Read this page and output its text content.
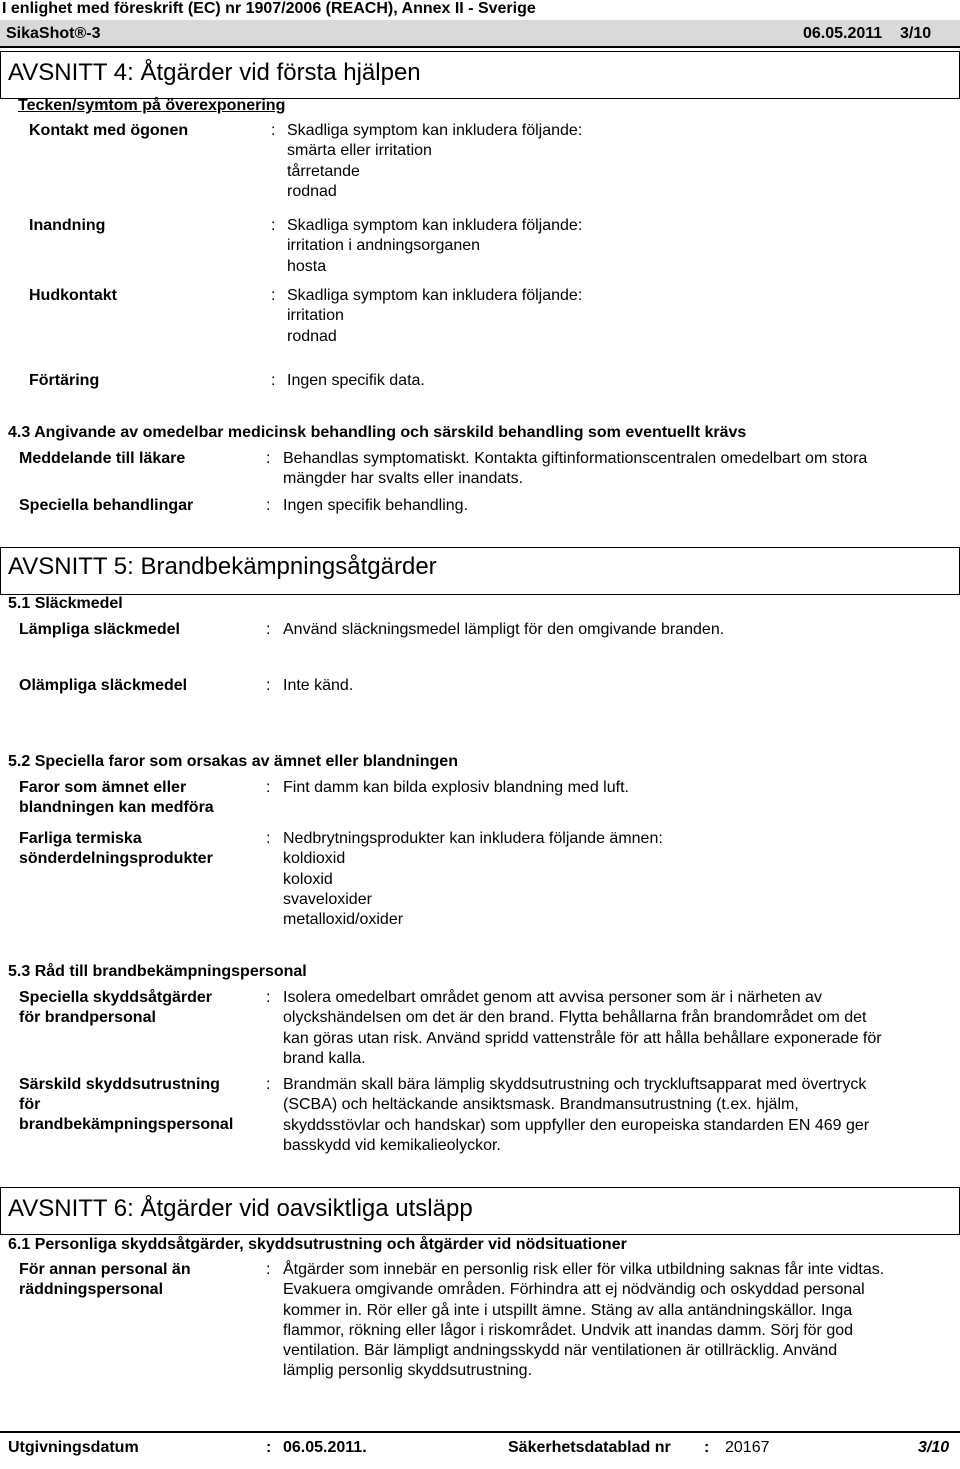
I enlighet med föreskrift (EC) nr 1907/2006 (REACH), Annex II - Sverige
SikaShot®-3	06.05.2011 3/10
AVSNITT 4: Åtgärder vid första hjälpen
Tecken/symtom på överexponering
Kontakt med ögonen	: Skadliga symptom kan inkludera följande:
smärta eller irritation
tårretande
rodnad
Inandning	: Skadliga symptom kan inkludera följande:
irritation i andningsorganen
hosta
Hudkontakt	: Skadliga symptom kan inkludera följande:
irritation
rodnad
Förtäring	: Ingen specifik data.
4.3 Angivande av omedelbar medicinsk behandling och särskild behandling som eventuellt krävs
Meddelande till läkare	: Behandlas symptomatiskt. Kontakta giftinformationscentralen omedelbart om stora
mängder har svalts eller inandats.
Speciella behandlingar	: Ingen specifik behandling.
AVSNITT 5: Brandbekämpningsåtgärder
5.1 Släckmedel
Lämpliga släckmedel	: Använd släckningsmedel lämpligt för den omgivande branden.
Olämpliga släckmedel	: Inte känd.
5.2 Speciella faror som orsakas av ämnet eller blandningen
Faror som ämnet eller
blandningen kan medföra
: Fint damm kan bilda explosiv blandning med luft.
Farliga termiska
sönderdelningsprodukter
: Nedbrytningsprodukter kan inkludera följande ämnen:
koldioxid
koloxid
svaveloxider
metalloxid/oxider
5.3 Råd till brandbekämpningspersonal
Speciella skyddsåtgärder
för brandpersonal
: Isolera omedelbart området genom att avvisa personer som är i närheten av
olyckshändelsen om det är den brand. Flytta behållarna från brandområdet om det
kan göras utan risk. Använd spridd vattenstråle för att hålla behållare exponerade för
brand kalla.
Särskild skyddsutrustning
för
brandbekämpningspersonal
: Brandmän skall bära lämplig skyddsutrustning och tryckluftsapparat med övertryck
(SCBA) och heltäckande ansiktsmask. Brandmansutrustning (t.ex. hjälm,
skyddsstövlar och handskar) som uppfyller den europeiska standarden EN 469 ger
basskydd vid kemikalieolyckor.
AVSNITT 6: Åtgärder vid oavsiktliga utsläpp
6.1 Personliga skyddsåtgärder, skyddsutrustning och åtgärder vid nödsituationer
För annan personal än
räddningspersonal
: Åtgärder som innebär en personlig risk eller för vilka utbildning saknas får inte vidtas.
Evakuera omgivande områden. Förhindra att ej nödvändig och oskyddad personal
kommer in. Rör eller gå inte i utspillt ämne. Stäng av alla antändningskällor. Inga
flammor, rökning eller lågor i riskområdet. Undvik att inandas damm. Sörj för god
ventilation. Bär lämpligt andningsskydd när ventilationen är otillräcklig. Använd
lämplig personlig skyddsutrustning.
Utgivningsdatum	: 06.05.2011.	Säkerhetsdatablad nr : 20167	3/10
